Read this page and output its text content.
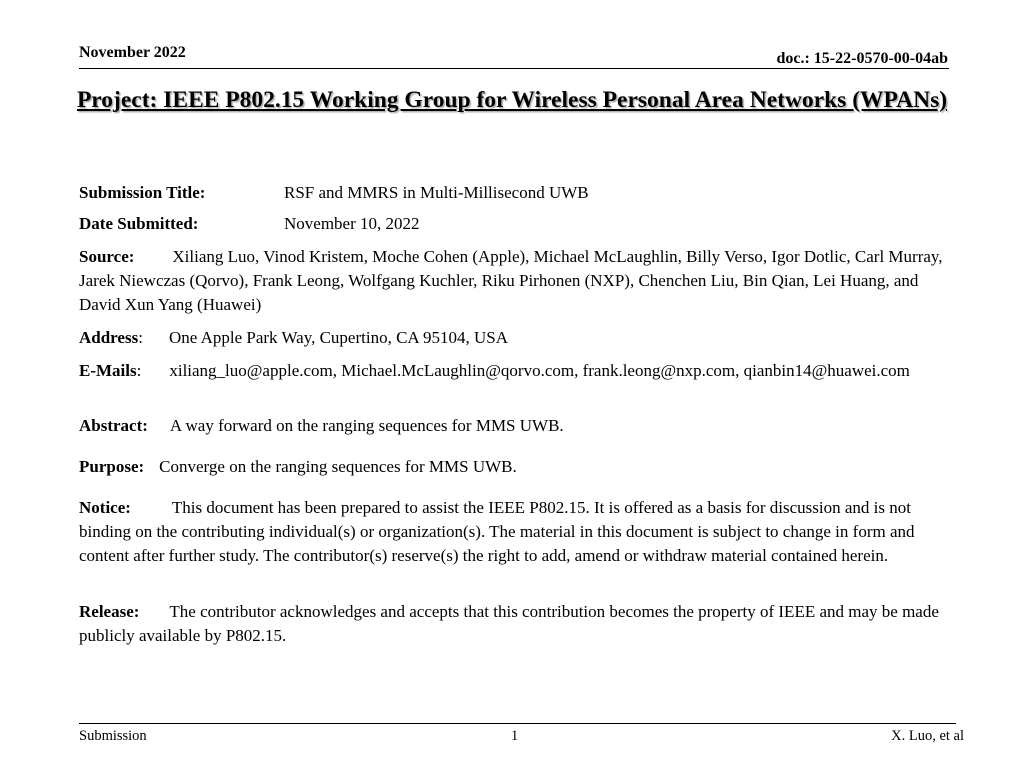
November 2022	doc.: 15-22-0570-00-04ab
Project: IEEE P802.15 Working Group for Wireless Personal Area Networks (WPANs)
Submission Title:	RSF and MMRS in Multi-Millisecond UWB
Date Submitted:	November 10, 2022
Source: Xiliang Luo, Vinod Kristem, Moche Cohen (Apple), Michael McLaughlin, Billy Verso, Igor Dotlic, Carl Murray, Jarek Niewczas (Qorvo), Frank Leong, Wolfgang Kuchler, Riku Pirhonen (NXP), Chenchen Liu, Bin Qian, Lei Huang, and David Xun Yang (Huawei)
Address: One Apple Park Way, Cupertino, CA 95104, USA
E-Mails: xiliang_luo@apple.com, Michael.McLaughlin@qorvo.com, frank.leong@nxp.com, qianbin14@huawei.com
Abstract: A way forward on the ranging sequences for MMS UWB.
Purpose: Converge on the ranging sequences for MMS UWB.
Notice: This document has been prepared to assist the IEEE P802.15. It is offered as a basis for discussion and is not binding on the contributing individual(s) or organization(s). The material in this document is subject to change in form and content after further study. The contributor(s) reserve(s) the right to add, amend or withdraw material contained herein.
Release: The contributor acknowledges and accepts that this contribution becomes the property of IEEE and may be made publicly available by P802.15.
Submission	1	X. Luo, et al
